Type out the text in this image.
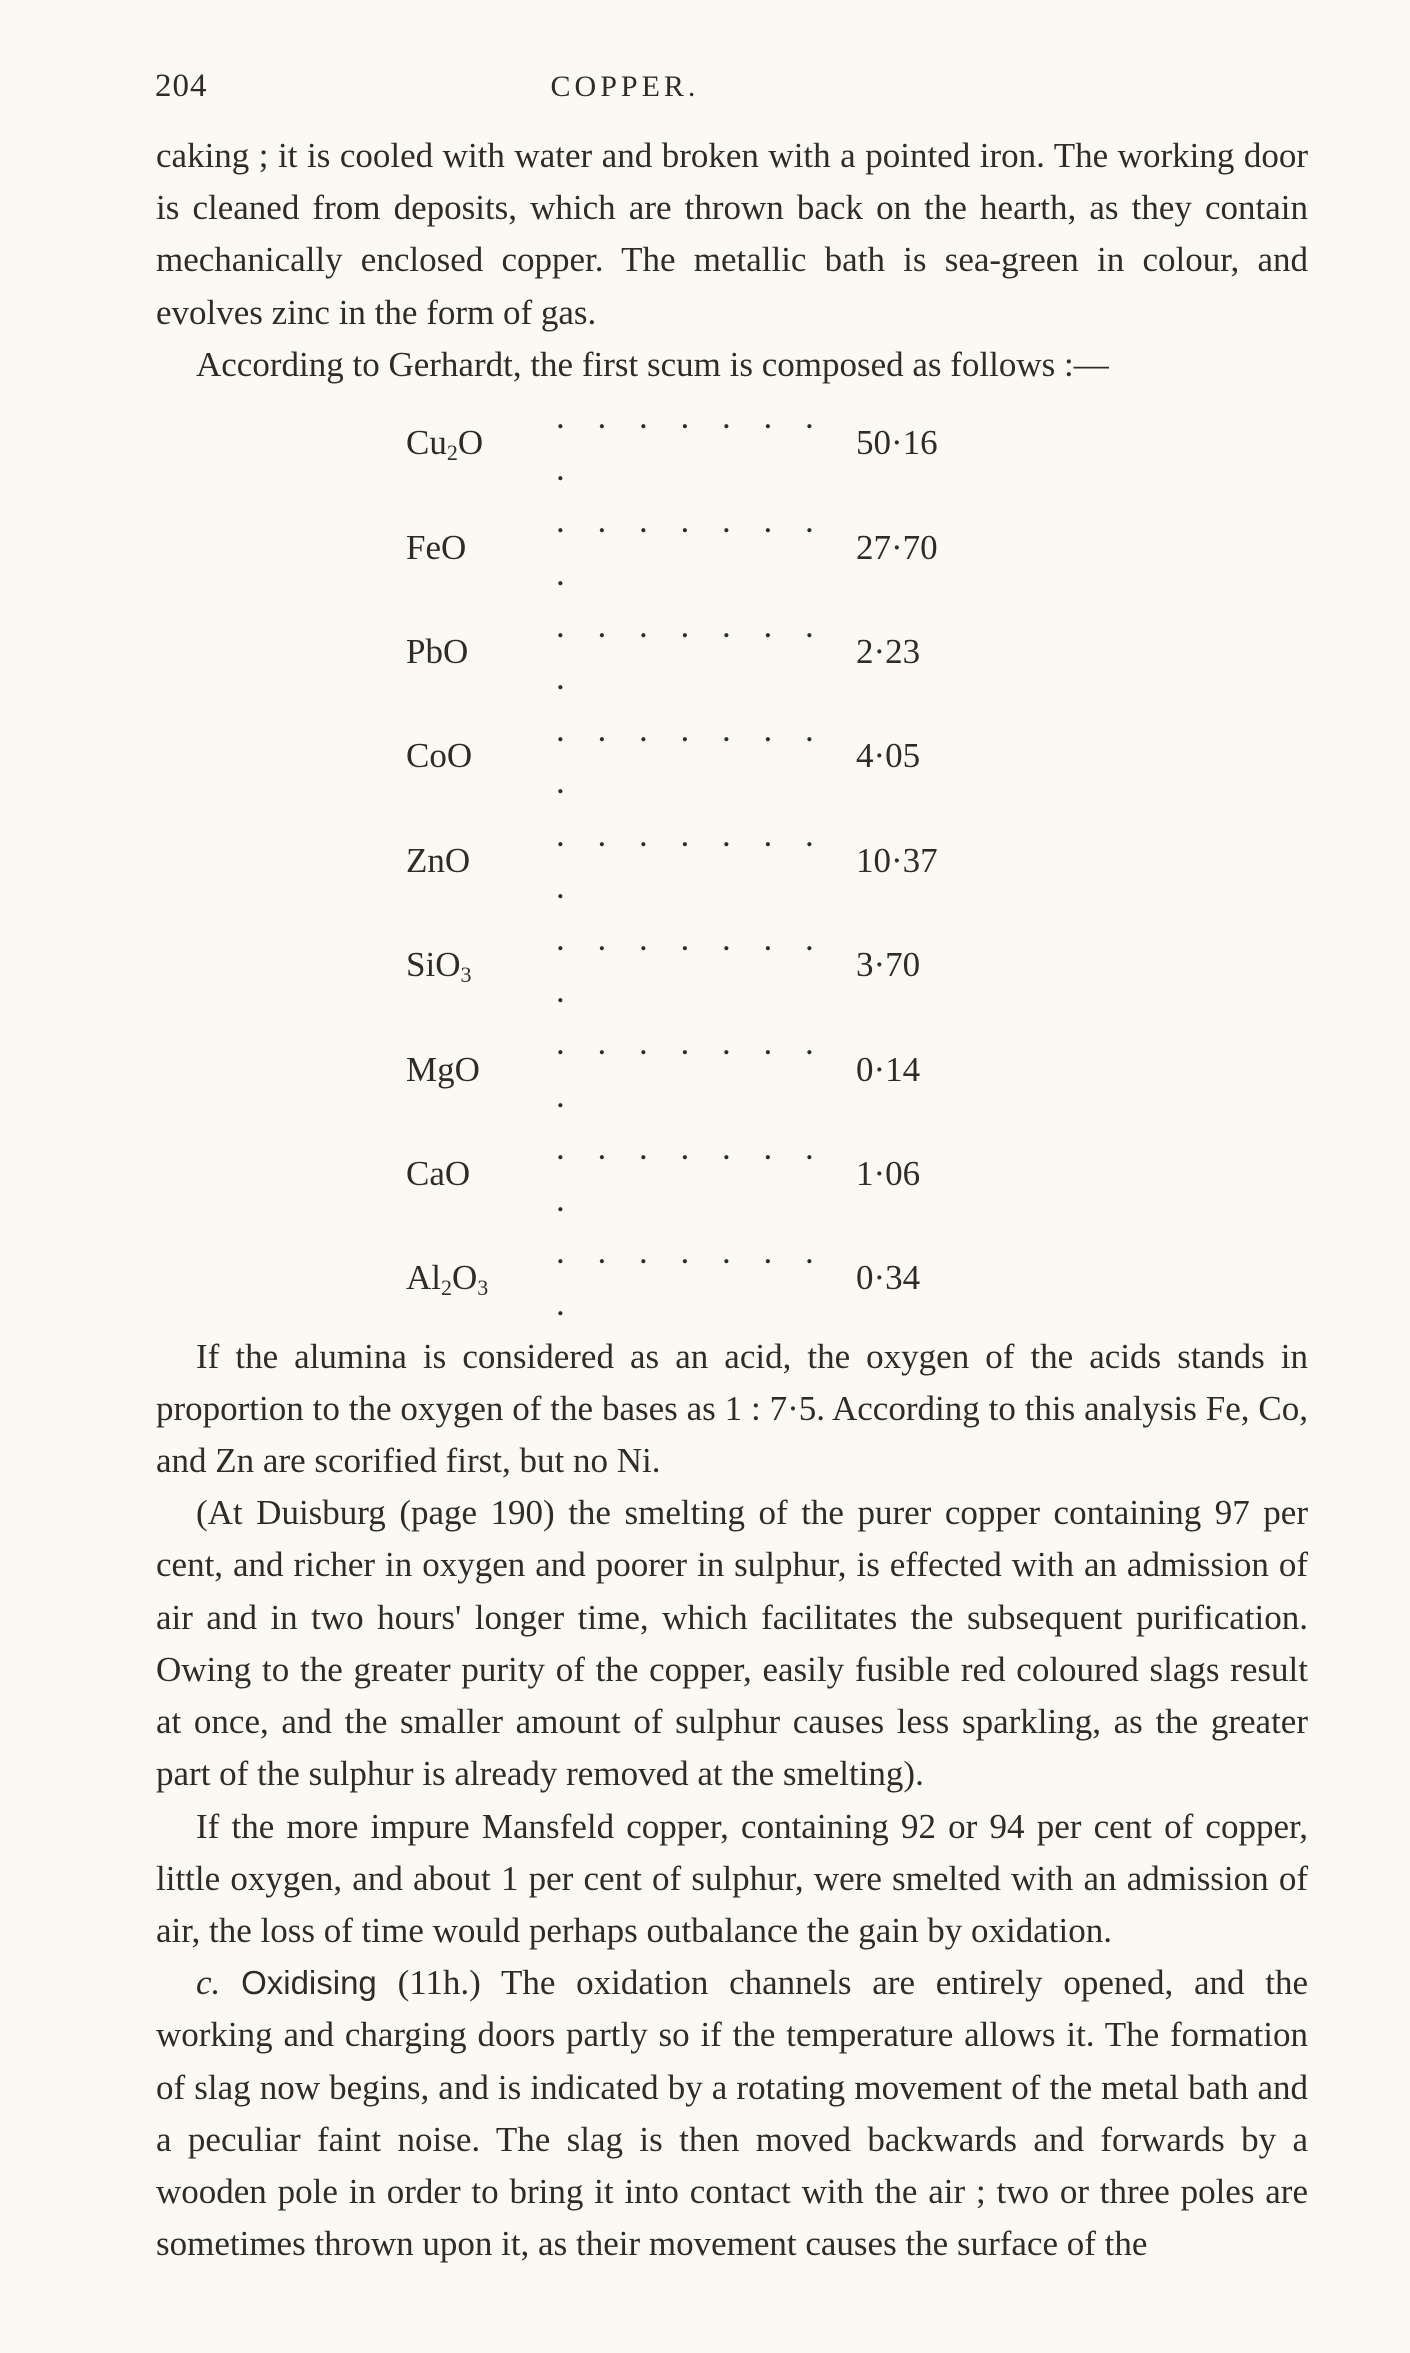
204	COPPER.

caking ; it is cooled with water and broken with a pointed iron. The working door is cleaned from deposits, which are thrown back on the hearth, as they contain mechanically enclosed copper. The metallic bath is sea-green in colour, and evolves zinc in the form of gas.

According to Gerhardt, the first scum is composed as follows :—

$Cu_2O$	. . . . . . . .	50·16
FeO	. . . . . . . .	27·70
PbO	. . . . . . . .	2·23
CoO	. . . . . . . .	4·05
ZnO	. . . . . . . .	10·37
SiO$_3$	. . . . . . . .	3·70
MgO	. . . . . . . .	0·14
CaO	. . . . . . . .	1·06
$Al_2O_3$	. . . . . . . .	0·34

If the alumina is considered as an acid, the oxygen of the acids stands in proportion to the oxygen of the bases as 1 : 7·5. According to this analysis Fe, Co, and Zn are scorified first, but no Ni.

(At Duisburg (page 190) the smelting of the purer copper containing 97 per cent, and richer in oxygen and poorer in sulphur, is effected with an admission of air and in two hours' longer time, which facilitates the subsequent purification. Owing to the greater purity of the copper, easily fusible red coloured slags result at once, and the smaller amount of sulphur causes less sparkling, as the greater part of the sulphur is already removed at the smelting).

If the more impure Mansfeld copper, containing 92 or 94 per cent of copper, little oxygen, and about 1 per cent of sulphur, were smelted with an admission of air, the loss of time would perhaps outbalance the gain by oxidation.

c. Oxidising (11h.) The oxidation channels are entirely opened, and the working and charging doors partly so if the temperature allows it. The formation of slag now begins, and is indicated by a rotating movement of the metal bath and a peculiar faint noise. The slag is then moved backwards and forwards by a wooden pole in order to bring it into contact with the air ; two or three poles are sometimes thrown upon it, as their movement causes the surface of the
